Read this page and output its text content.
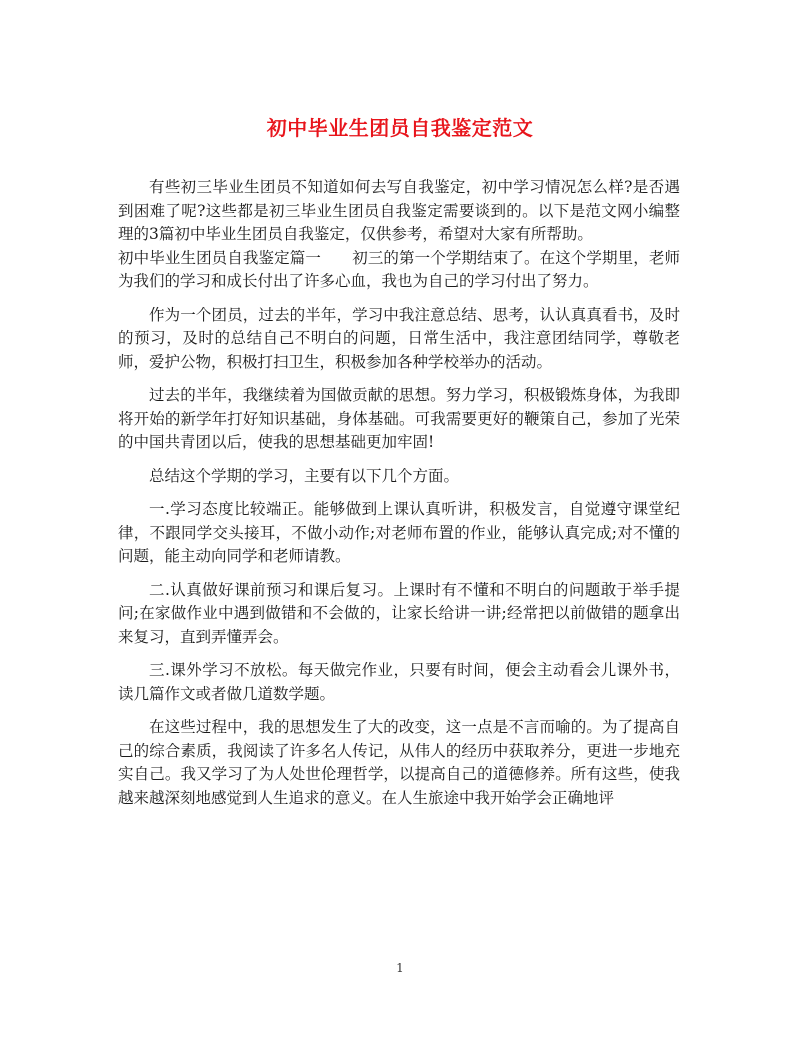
初中毕业生团员自我鉴定范文

有些初三毕业生团员不知道如何去写自我鉴定，初中学习情况怎么样?是否遇到困难了呢?这些都是初三毕业生团员自我鉴定需要谈到的。以下是范文网小编整理的3篇初中毕业生团员自我鉴定，仅供参考，希望对大家有所帮助。

初中毕业生团员自我鉴定篇一　　初三的第一个学期结束了。在这个学期里，老师为我们的学习和成长付出了许多心血，我也为自己的学习付出了努力。

作为一个团员，过去的半年，学习中我注意总结、思考，认认真真看书，及时的预习，及时的总结自己不明白的问题，日常生活中，我注意团结同学，尊敬老师，爱护公物，积极打扫卫生，积极参加各种学校举办的活动。

过去的半年，我继续着为国做贡献的思想。努力学习，积极锻炼身体，为我即将开始的新学年打好知识基础，身体基础。可我需要更好的鞭策自己，参加了光荣的中国共青团以后，使我的思想基础更加牢固!

总结这个学期的学习，主要有以下几个方面。

一.学习态度比较端正。能够做到上课认真听讲，积极发言，自觉遵守课堂纪律，不跟同学交头接耳，不做小动作;对老师布置的作业，能够认真完成;对不懂的问题，能主动向同学和老师请教。

二.认真做好课前预习和课后复习。上课时有不懂和不明白的问题敢于举手提问;在家做作业中遇到做错和不会做的，让家长给讲一讲;经常把以前做错的题拿出来复习，直到弄懂弄会。

三.课外学习不放松。每天做完作业，只要有时间，便会主动看会儿课外书，读几篇作文或者做几道数学题。

在这些过程中，我的思想发生了大的改变，这一点是不言而喻的。为了提高自己的综合素质，我阅读了许多名人传记，从伟人的经历中获取养分，更进一步地充实自己。我又学习了为人处世伦理哲学，以提高自己的道德修养。所有这些，使我越来越深刻地感觉到人生追求的意义。在人生旅途中我开始学会正确地评

1
